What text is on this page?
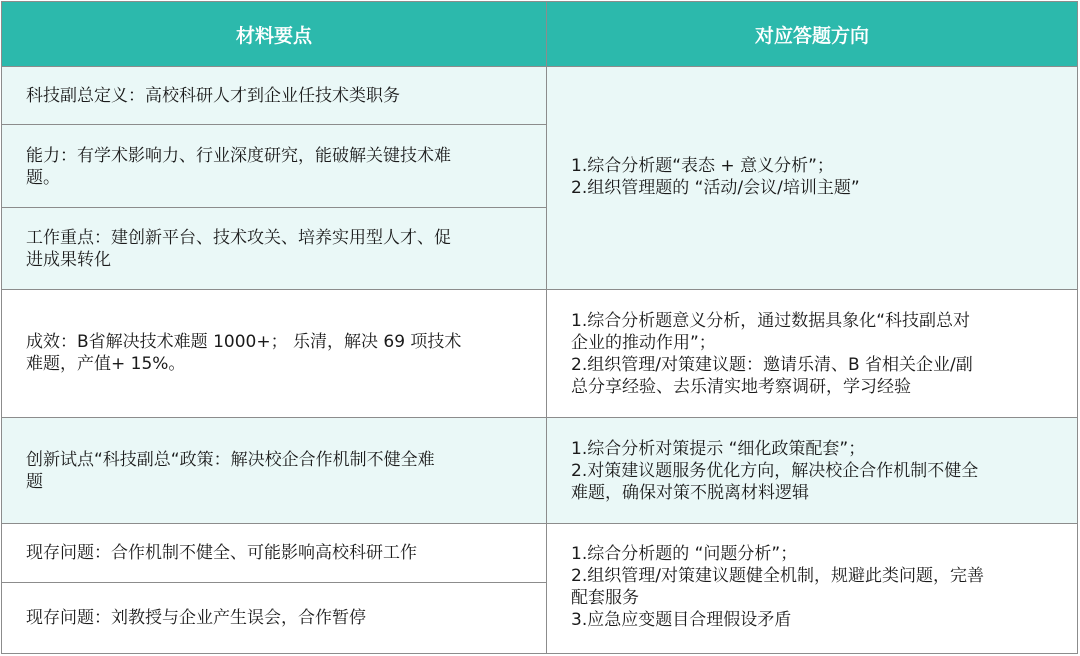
材料要点	对应答题方向
科技副总定义：高校科研人才到企业任技术类职务
能力：有学术影响力、行业深度研究，能破解关键技术难
题。
工作重点：建创新平台、技术攻关、培养实用型人才、促
进成果转化
成效：B省解决技术难题 1000+； 乐清，解决 69 项技术
难题，产值+ 15%。
创新试点“科技副总“政策：解决校企合作机制不健全难
题
现存问题：合作机制不健全、可能影响高校科研工作
现存问题：刘教授与企业产生误会，合作暂停
1.综合分析题“表态 + 意义分析”；
2.组织管理题的 “活动/会议/培训主题”
1.综合分析题意义分析，通过数据具象化“科技副总对
企业的推动作用”；
2.组织管理/对策建议题：邀请乐清、B 省相关企业/副
总分享经验、去乐清实地考察调研，学习经验
1.综合分析对策提示 “细化政策配套”；
2.对策建议题服务优化方向，解决校企合作机制不健全
难题，确保对策不脱离材料逻辑
1.综合分析题的 “问题分析”；
2.组织管理/对策建议题健全机制，规避此类问题，完善
配套服务
3.应急应变题目合理假设矛盾
